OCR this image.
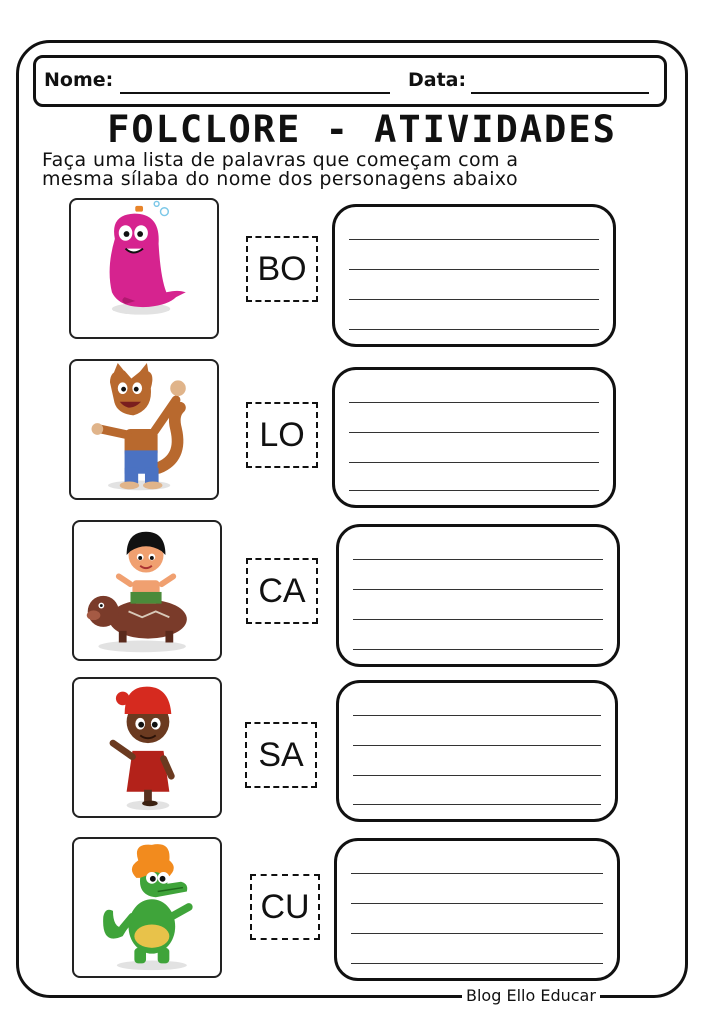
Nome:	Data:
FOLCLORE - ATIVIDADES
Faça uma lista de palavras que começam com a
mesma sílaba do nome dos personagens abaixo
BO
LO
CA
SA
CU
Blog Ello Educar
